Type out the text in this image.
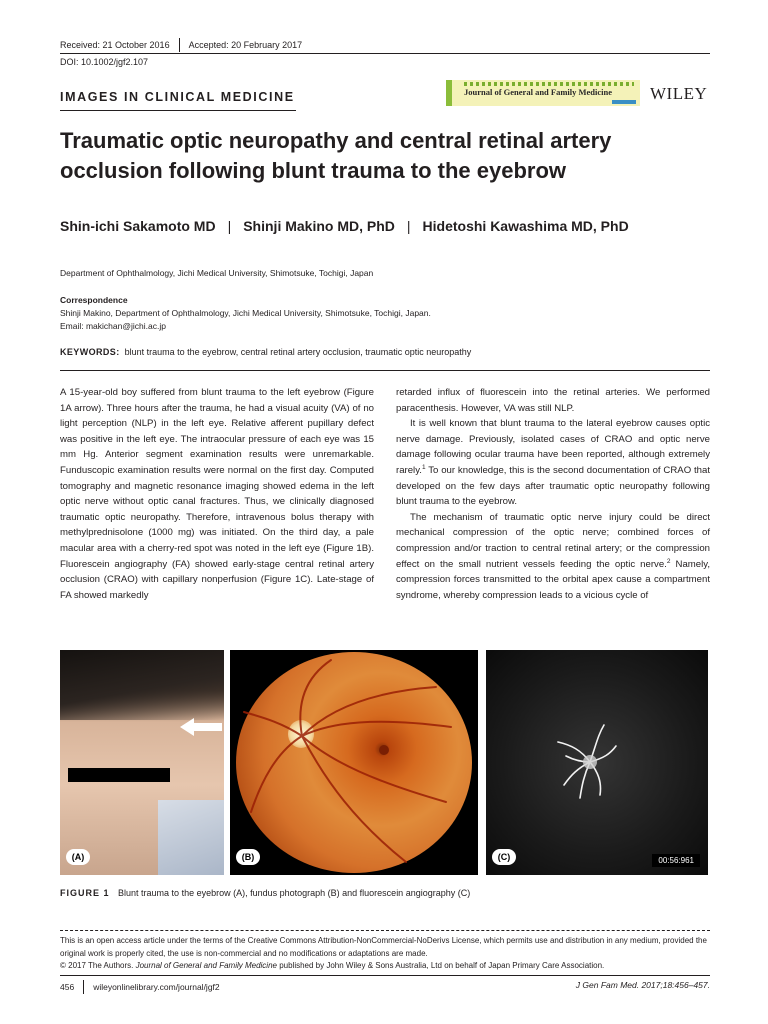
Received: 21 October 2016 Accepted: 20 February 2017
DOI: 10.1002/jgf2.107
IMAGES IN CLINICAL MEDICINE	Journal of General and Family Medicine WILEY
Traumatic optic neuropathy and central retinal artery occlusion following blunt trauma to the eyebrow
Shin-ichi Sakamoto MD | Shinji Makino MD, PhD | Hidetoshi Kawashima MD, PhD
Department of Ophthalmology, Jichi Medical University, Shimotsuke, Tochigi, Japan
Correspondence
Shinji Makino, Department of Ophthalmology, Jichi Medical University, Shimotsuke, Tochigi, Japan.
Email: makichan@jichi.ac.jp
KEYWORDS: blunt trauma to the eyebrow, central retinal artery occlusion, traumatic optic neuropathy

A 15-year-old boy suffered from blunt trauma to the left eyebrow (Figure 1A arrow). Three hours after the trauma, he had a visual acuity (VA) of no light perception (NLP) in the left eye. Relative afferent pupillary defect was positive in the left eye. The intraocular pressure of each eye was 15 mm Hg. Anterior segment examination results were unremarkable. Funduscopic examination results were normal on the first day. Computed tomography and magnetic resonance imaging showed edema in the left optic nerve without optic canal fractures. Thus, we clinically diagnosed traumatic optic neuropathy. Therefore, intravenous bolus therapy with methylprednisolone (1000 mg) was initiated. On the third day, a pale macular area with a cherry-red spot was noted in the left eye (Figure 1B). Fluorescein angiography (FA) showed early-stage central retinal artery occlusion (CRAO) with capillary nonperfusion (Figure 1C). Late-stage of FA showed markedly

retarded influx of fluorescein into the retinal arteries. We performed paracenthesis. However, VA was still NLP.

It is well known that blunt trauma to the lateral eyebrow causes optic nerve damage. Previously, isolated cases of CRAO and optic nerve damage following ocular trauma have been reported, although extremely rarely.$^1$ To our knowledge, this is the second documentation of CRAO that developed on the few days after traumatic optic neuropathy following blunt trauma to the eyebrow.

The mechanism of traumatic optic nerve injury could be direct mechanical compression of the optic nerve; combined forces of compression and/or traction to central retinal artery; or the compression effect on the small nutrient vessels feeding the optic nerve.$^2$ Namely, compression forces transmitted to the orbital apex cause a compartment syndrome, whereby compression leads to a vicious cycle of

(A)	(B)	(C)	00:56:961
FIGURE 1 Blunt trauma to the eyebrow (A), fundus photograph (B) and fluorescein angiography (C)
This is an open access article under the terms of the Creative Commons Attribution-NonCommercial-NoDerivs License, which permits use and distribution in any medium, provided the original work is properly cited, the use is non-commercial and no modifications or adaptations are made.
© 2017 The Authors. Journal of General and Family Medicine published by John Wiley & Sons Australia, Ltd on behalf of Japan Primary Care Association.
456 wileyonlinelibrary.com/journal/jgf2	J Gen Fam Med. 2017;18:456–457.
